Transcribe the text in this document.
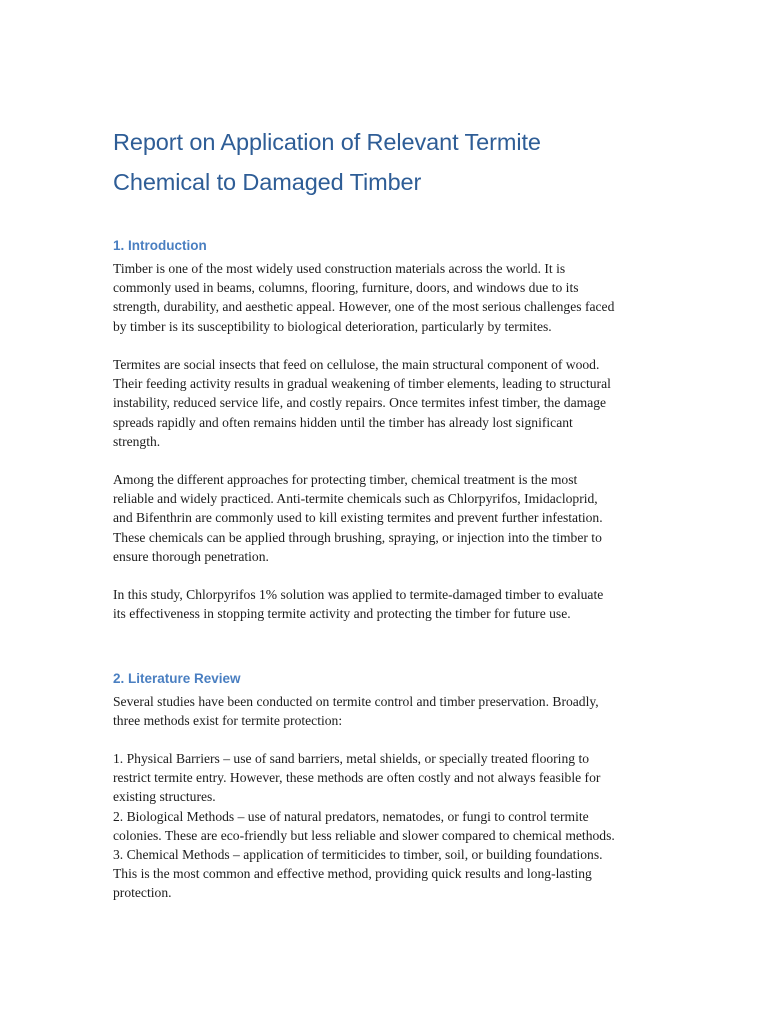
Report on Application of Relevant Termite
Chemical to Damaged Timber
1. Introduction

Timber is one of the most widely used construction materials across the world. It is
commonly used in beams, columns, flooring, furniture, doors, and windows due to its
strength, durability, and aesthetic appeal. However, one of the most serious challenges faced
by timber is its susceptibility to biological deterioration, particularly by termites.

Termites are social insects that feed on cellulose, the main structural component of wood.
Their feeding activity results in gradual weakening of timber elements, leading to structural
instability, reduced service life, and costly repairs. Once termites infest timber, the damage
spreads rapidly and often remains hidden until the timber has already lost significant
strength.

Among the different approaches for protecting timber, chemical treatment is the most
reliable and widely practiced. Anti-termite chemicals such as Chlorpyrifos, Imidacloprid,
and Bifenthrin are commonly used to kill existing termites and prevent further infestation.
These chemicals can be applied through brushing, spraying, or injection into the timber to
ensure thorough penetration.

In this study, Chlorpyrifos 1% solution was applied to termite-damaged timber to evaluate
its effectiveness in stopping termite activity and protecting the timber for future use.

2. Literature Review

Several studies have been conducted on termite control and timber preservation. Broadly,
three methods exist for termite protection:

1. Physical Barriers – use of sand barriers, metal shields, or specially treated flooring to
restrict termite entry. However, these methods are often costly and not always feasible for
existing structures.
2. Biological Methods – use of natural predators, nematodes, or fungi to control termite
colonies. These are eco-friendly but less reliable and slower compared to chemical methods.
3. Chemical Methods – application of termiticides to timber, soil, or building foundations.
This is the most common and effective method, providing quick results and long-lasting
protection.
